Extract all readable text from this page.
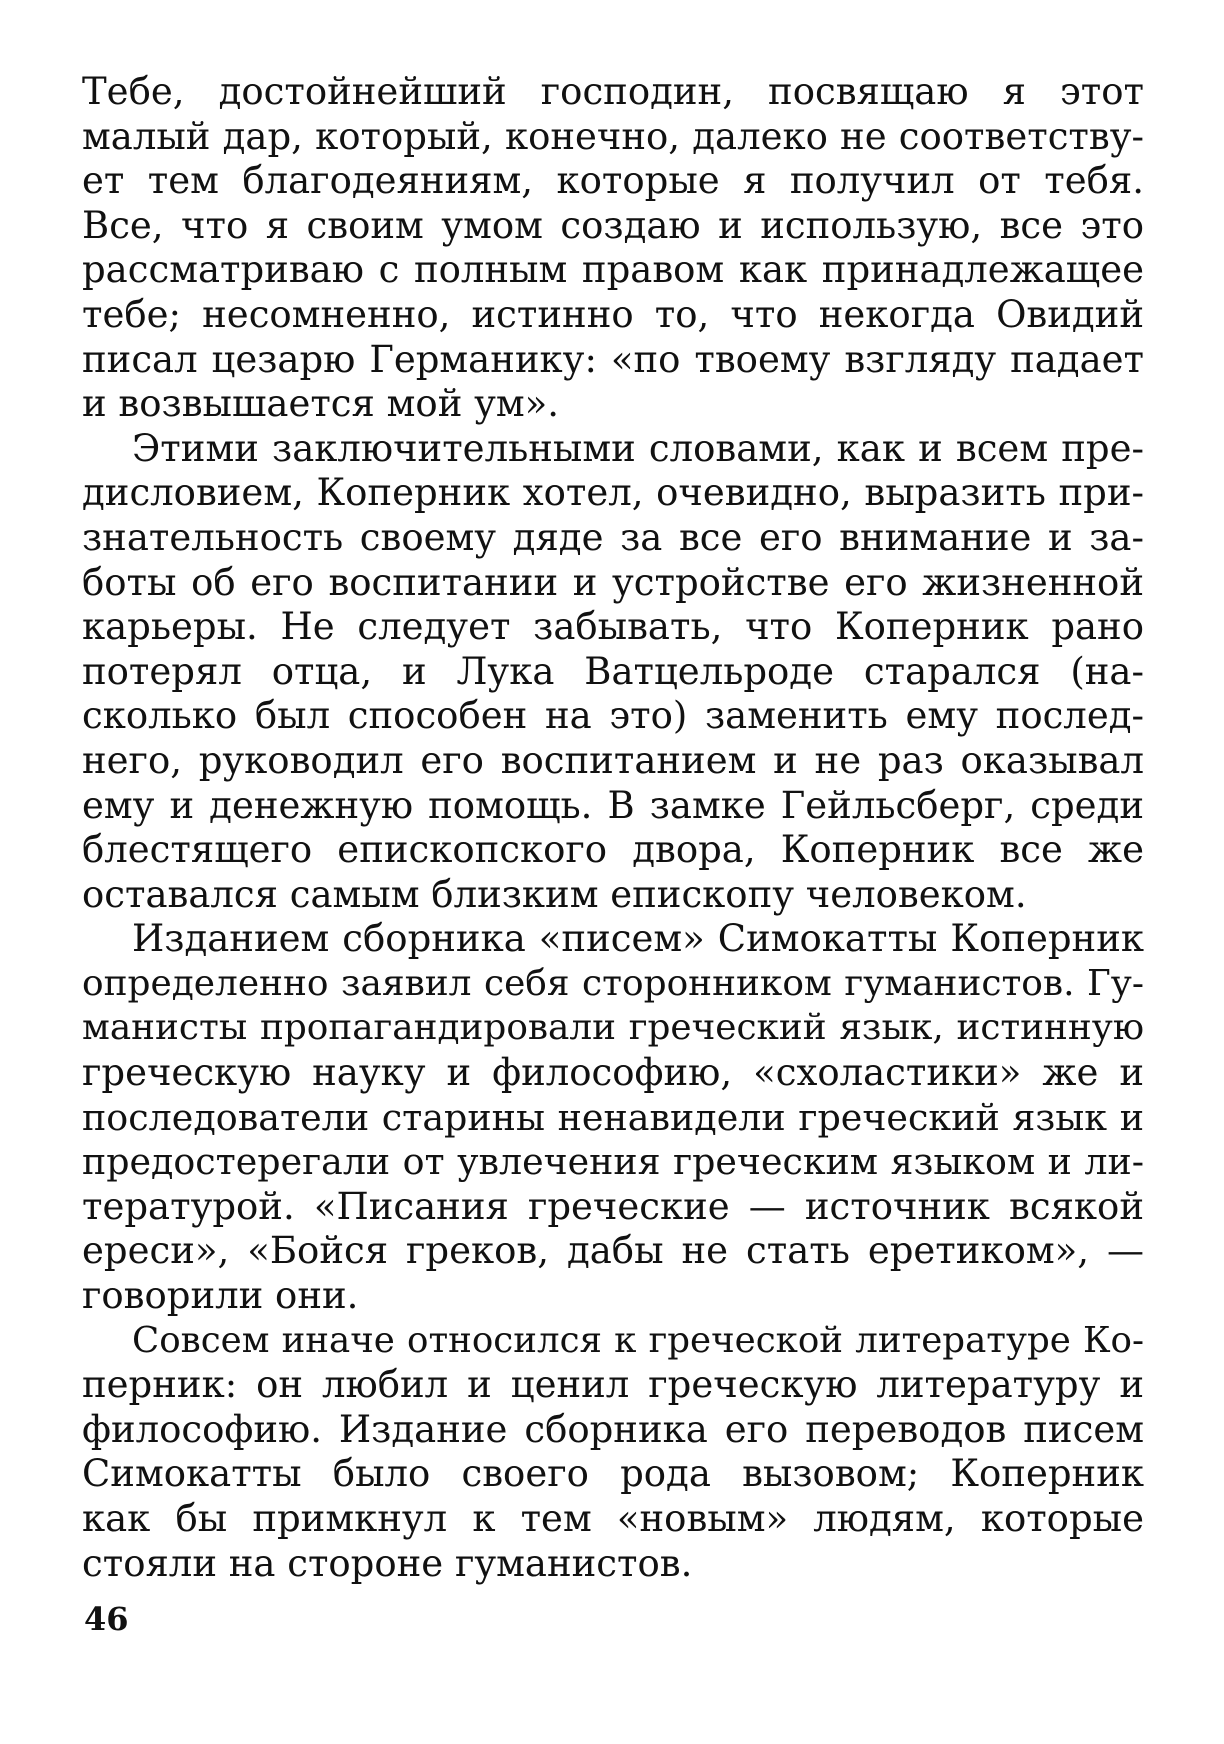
Тебе, достойнейший господин, посвящаю я этот
малый дар, который, конечно, далеко не соответству-
ет тем благодеяниям, которые я получил от тебя.
Все, что я своим умом создаю и использую, все это
рассматриваю с полным правом как принадлежащее
тебе; несомненно, истинно то, что некогда Овидий
писал цезарю Германику: «по твоему взгляду падает
и возвышается мой ум».
Этими заключительными словами, как и всем пре-
дисловием, Коперник хотел, очевидно, выразить при-
знательность своему дяде за все его внимание и за-
боты об его воспитании и устройстве его жизненной
карьеры. Не следует забывать, что Коперник рано
потерял отца, и Лука Ватцельроде старался (на-
сколько был способен на это) заменить ему послед-
него, руководил его воспитанием и не раз оказывал
ему и денежную помощь. В замке Гейльсберг, среди
блестящего епископского двора, Коперник все же
оставался самым близким епископу человеком.
Изданием сборника «писем» Симокатты Коперник
определенно заявил себя сторонником гуманистов. Гу-
манисты пропагандировали греческий язык, истинную
греческую науку и философию, «схоластики» же и
последователи старины ненавидели греческий язык и
предостерегали от увлечения греческим языком и ли-
тературой. «Писания греческие — источник всякой
ереси», «Бойся греков, дабы не стать еретиком», —
говорили они.
Совсем иначе относился к греческой литературе Ко-
перник: он любил и ценил греческую литературу и
философию. Издание сборника его переводов писем
Симокатты было своего рода вызовом; Коперник
как бы примкнул к тем «новым» людям, которые
стояли на стороне гуманистов.
46
